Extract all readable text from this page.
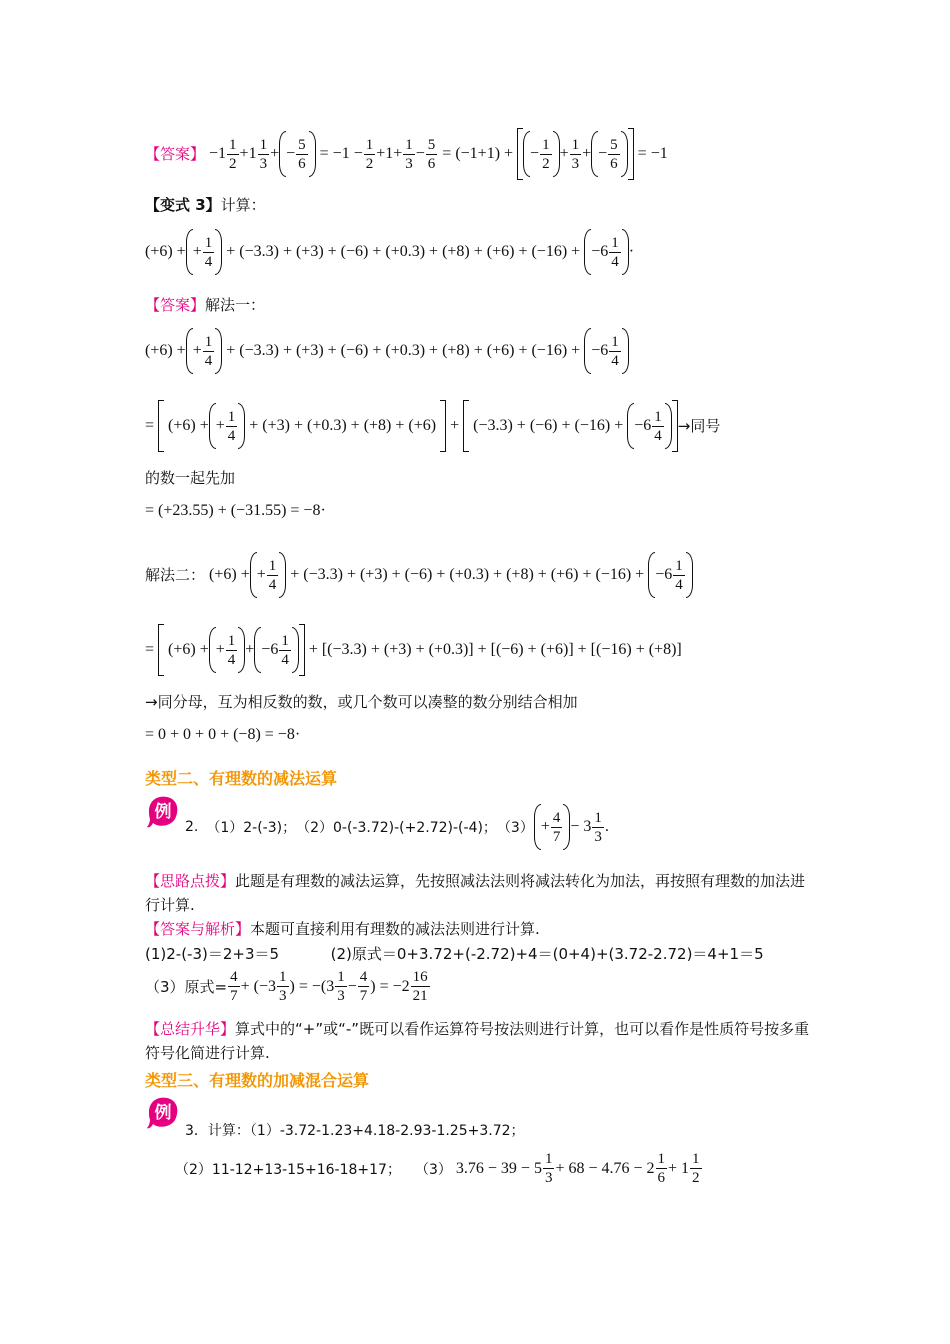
【答案】 $-1 \frac{1}{2} +1 \frac{1}{3}$ + − $\frac{5}{6} = -1 - \frac{1}{2} +1+ \frac{1}{3} - \frac{5}{6} = (-1+1)$ + − $\frac{1}{2} + \frac{1}{3}$ + − $\frac{5}{6} = -1$
【变式 3】计算：
(+6) + + $\frac{1}{4} + (-3.3) + (+3) + (-6) + (+0.3) + (+8) + (+6) + (-16) + -6 \frac{1}{4}$ ·
【答案】解法一：
(+6) + + $\frac{1}{4} + (-3.3) + (+3) + (-6) + (+0.3) + (+8) + (+6) + (-16) + -6 \frac{1}{4}$
= (+6) + + $\frac{1}{4} + (+3) + (+0.3) + (+8) + (+6) + (-3.3) + (-6) + (-16) + -6 \frac{1}{4}$ →同号
的数一起先加
= (+23.55) + (−31.55) = −8·
解法二： (+6) + + $\frac{1}{4} + (-3.3) + (+3) + (-6) + (+0.3) + (+8) + (+6) + (-16) + -6 \frac{1}{4}$
= (+6) + + $\frac{1}{4} + -6 \frac{1}{4} + [(-3.3) + (+3) + (+0.3)] + [(-6) + (+6)] + [(-16) + (+8)]$
→同分母，互为相反数的数，或几个数可以凑整的数分别结合相加
= 0 + 0 + 0 + (−8) = −8·
类型二、有理数的减法运算
例
2. （1）2-(-3)； （2）0-(-3.72)-(+2.72)-(-4)； $(3) + \frac{4}{7} - 3 \frac{1}{3}$ .
【思路点拨】此题是有理数的减法运算，先按照减法法则将减法转化为加法，再按照有理数的加法进行计算.
【答案与解析】本题可直接利用有理数的减法法则进行计算.
(1)2-(-3)＝2+3＝5	(2)原式＝0+3.72+(-2.72)+4＝(0+4)+(3.72-2.72)＝4+1＝5
（3）原式= $\frac{4}{7} + (-3 \frac{1}{3}$ ) = $-(3 \frac{1}{3} - \frac{4}{7}$ ) = $-2 \frac{16}{21}$
【总结升华】算式中的“+”或“-”既可以看作运算符号按法则进行计算，也可以看作是性质符号按多重符号化简进行计算.
类型三、有理数的加减混合运算
例
3．计算：（1）-3.72-1.23+4.18-2.93-1.25+3.72；
（2）11-12+13-15+16-18+17； （3） $3.76 - 39 - 5 \frac{1}{3} + 68 - 4.76 - 2 \frac{1}{6} + 1 \frac{1}{2}$
